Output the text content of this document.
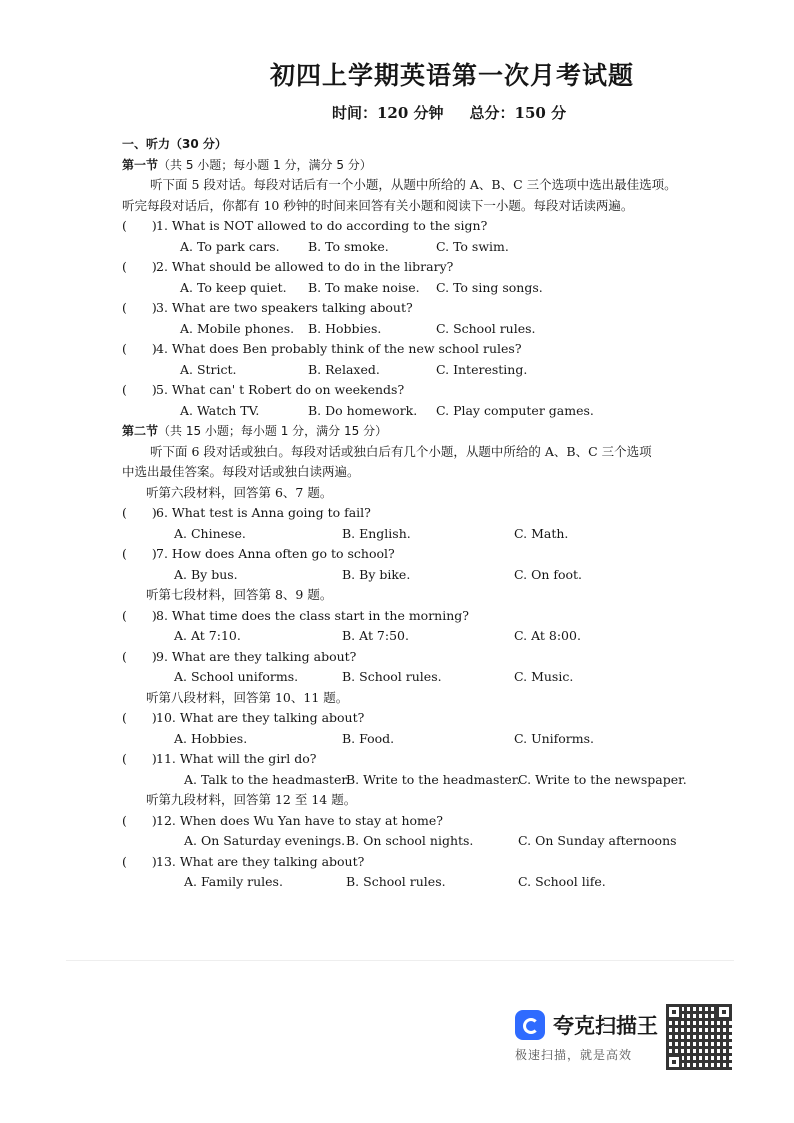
初四上学期英语第一次月考试题
时间：120 分钟 总分：150 分
一、听力（30 分）
第一节（共 5 小题；每小题 1 分，满分 5 分）
听下面 5 段对话。每段对话后有一个小题，从题中所给的 A、B、C 三个选项中选出最佳选项。
听完每段对话后，你都有 10 秒钟的时间来回答有关小题和阅读下一小题。每段对话读两遍。
(　　) 1. What is NOT allowed to do according to the sign?
A. To park cars.	B. To smoke.	C. To swim.
(　　) 2. What should be allowed to do in the library?
A. To keep quiet.	B. To make noise.	C. To sing songs.
(　　) 3. What are two speakers talking about?
A. Mobile phones.	B. Hobbies.	C. School rules.
(　　) 4. What does Ben probably think of the new school rules?
A. Strict.	B. Relaxed.	C. Interesting.
(　　) 5. What can' t Robert do on weekends?
A. Watch TV.	B. Do homework.	C. Play computer games.
第二节（共 15 小题；每小题 1 分，满分 15 分）
听下面 6 段对话或独白。每段对话或独白后有几个小题，从题中所给的 A、B、C 三个选项
中选出最佳答案。每段对话或独白读两遍。
听第六段材料，回答第 6、7 题。
(　　) 6. What test is Anna going to fail?
A. Chinese.	B. English.	C. Math.
(　　) 7. How does Anna often go to school?
A. By bus.	B. By bike.	C. On foot.
听第七段材料，回答第 8、9 题。
(　　) 8. What time does the class start in the morning?
A. At 7:10.	B. At 7:50.	C. At 8:00.
(　　) 9. What are they talking about?
A. School uniforms.	B. School rules.	C. Music.
听第八段材料，回答第 10、11 题。
(　　) 10. What are they talking about?
A. Hobbies.	B. Food.	C. Uniforms.
(　　) 11. What will the girl do?
A. Talk to the headmaster.
B. Write to the headmaster.
C. Write to the newspaper.
听第九段材料，回答第 12 至 14 题。
(　　) 12. When does Wu Yan have to stay at home?
A. On Saturday evenings. B. On school nights.	C. On Sunday afternoons
(　　) 13. What are they talking about?
A. Family rules.	B. School rules.	C. School life.
夸克扫描王
极速扫描，就是高效
